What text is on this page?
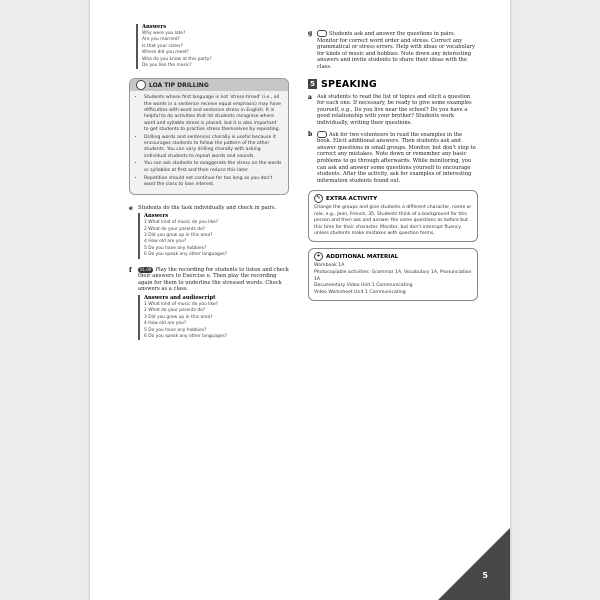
Answers
Why were you late?
Are you married?
Is that your sister?
Where did you meet?
Who do you know at this party?
Do you like the music?
LOA TIP DRILLING
• Students whose first language is not 'stress-timed' (i.e., all the words in a sentence receive equal emphasis) may have difficulties with word and sentence stress in English. It is helpful to do activities that let students recognise where word and syllable stress is placed, but it is also important to get students to practise stress themselves by repeating.
• Drilling words and sentences chorally is useful because it encourages students to follow the pattern of the other students. You can vary drilling chorally with asking individual students to repeat words and sounds.
• You can ask students to exaggerate the stress on the words or syllables at first and then reduce this later.
• Repetition should not continue for too long as you don't want the class to lose interest.
e Students do the task individually and check in pairs.
Answers
1 What kind of music do you like?
2 What do your parents do?
3 Did you grow up in this area?
4 How old are you?
5 Do you have any hobbies?
6 Do you speak any other languages?
f	01.09 Play the recording for students to listen and check their answers to Exercise e. Then play the recording again for them to underline the stressed words. Check answers as a class.
Answers and audioscript
1 What kind of music do you like?
2 What do your parents do?
3 Did you grow up in this area?
4 How old are you?
5 Do you have any hobbies?
6 Do you speak any other languages?
g	Students ask and answer the questions in pairs. Monitor for correct word order and stress. Correct any grammatical or stress errors. Help with ideas or vocabulary for kinds of music and hobbies. Note down any interesting answers and invite students to share their ideas with the class.
5 SPEAKING
a Ask students to read the list of topics and elicit a question for each one. If necessary, be ready to give some examples yourself, e.g., Do you live near the school? Do you have a good relationship with your brother? Students work individually, writing their questions.
b	Ask for two volunteers to read the examples in the book. Elicit additional answers. Then students ask and answer questions in small groups. Monitor, but don't stop to correct any mistakes. Note down or remember any basic problems to go through afterwards. While monitoring, you can ask and answer some questions yourself to encourage students. After the activity, ask for examples of interesting information students found out.
✎ EXTRA ACTIVITY
Change the groups and give students a different character, name or role, e.g., Jean, French, 35. Students think of a background for this person and then ask and answer the same questions as before but this time for their character. Monitor, but don't interrupt fluency unless students make mistakes with question forms.
+ ADDITIONAL MATERIAL
Workbook 1A
Photocopiable activities: Grammar 1A, Vocabulary 1A, Pronunciation 1A
Documentary Video Unit 1 Communicating
Video Worksheet Unit 1 Communicating
5
